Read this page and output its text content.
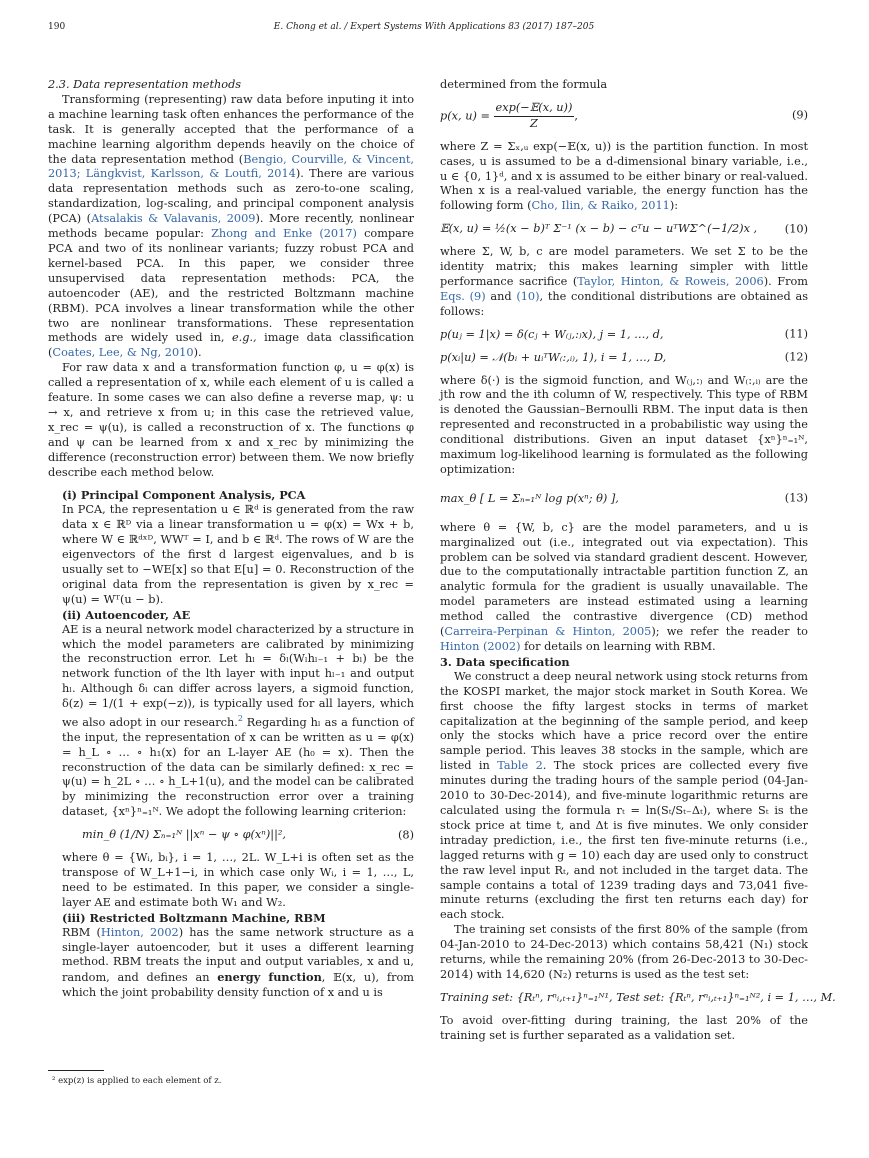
190	E. Chong et al. / Expert Systems With Applications 83 (2017) 187–205

2.3. Data representation methods

Transforming (representing) raw data before inputing it into a machine learning task often enhances the performance of the task. It is generally accepted that the performance of a machine learning algorithm depends heavily on the choice of the data representation method (Bengio, Courville, & Vincent, 2013; Längkvist, Karlsson, & Loutfi, 2014). There are various data representation methods such as zero-to-one scaling, standardization, log-scaling, and principal component analysis (PCA) (Atsalakis & Valavanis, 2009). More recently, nonlinear methods became popular: Zhong and Enke (2017) compare PCA and two of its nonlinear variants; fuzzy robust PCA and kernel-based PCA. In this paper, we consider three unsupervised data representation methods: PCA, the autoencoder (AE), and the restricted Boltzmann machine (RBM). PCA involves a linear transformation while the other two are nonlinear transformations. These representation methods are widely used in, e.g., image data classification (Coates, Lee, & Ng, 2010).

For raw data x and a transformation function φ, u = φ(x) is called a representation of x, while each element of u is called a feature. In some cases we can also define a reverse map, ψ: u → x, and retrieve x from u; in this case the retrieved value, x_rec = ψ(u), is called a reconstruction of x. The functions φ and ψ can be learned from x and x_rec by minimizing the difference (reconstruction error) between them. We now briefly describe each method below.

(i) Principal Component Analysis, PCA

In PCA, the representation u ∈ ℝᵈ is generated from the raw data x ∈ ℝᴰ via a linear transformation u = φ(x) = Wx + b, where W ∈ ℝᵈˣᴰ, WWᵀ = I, and b ∈ ℝᵈ. The rows of W are the eigenvectors of the first d largest eigenvalues, and b is usually set to −WE[x] so that E[u] = 0. Reconstruction of the original data from the representation is given by x_rec = ψ(u) = Wᵀ(u − b).

(ii) Autoencoder, AE

AE is a neural network model characterized by a structure in which the model parameters are calibrated by minimizing the reconstruction error. Let hₗ = δₗ(Wₗhₗ₋₁ + bₗ) be the network function of the lth layer with input hₗ₋₁ and output hₗ. Although δₗ can differ across layers, a sigmoid function, δ(z) = 1/(1 + exp(−z)), is typically used for all layers, which we also adopt in our research.$^2$ Regarding hₗ as a function of the input, the representation of x can be written as u = φ(x) = h_L ∘ … ∘ h₁(x) for an L-layer AE (h₀ = x). Then the reconstruction of the data can be similarly defined: x_rec = ψ(u) = h_2L ∘ … ∘ h_L+1(u), and the model can be calibrated by minimizing the reconstruction error over a training dataset, {xⁿ}ⁿ₌₁ᴺ. We adopt the following learning criterion:

min_θ (1/N) Σₙ₌₁ᴺ ||xⁿ − ψ ∘ φ(xⁿ)||²,	(8)

where θ = {Wᵢ, bᵢ}, i = 1, …, 2L. W_L+i is often set as the transpose of W_L+1−i, in which case only Wᵢ, i = 1, …, L, need to be estimated. In this paper, we consider a single-layer AE and estimate both W₁ and W₂.

(iii) Restricted Boltzmann Machine, RBM

RBM (Hinton, 2002) has the same network structure as a single-layer autoencoder, but it uses a different learning method. RBM treats the input and output variables, x and u, random, and defines an energy function, 𝔼(x, u), from which the joint probability density function of x and u is

determined from the formula

p(x, $u) = \frac{\text{exp(−𝔼(x, u))}}{Z}$ ,	(9)

where Z = Σₓ,ᵤ exp(−𝔼(x, u)) is the partition function. In most cases, u is assumed to be a d-dimensional binary variable, i.e., u ∈ {0, 1}ᵈ, and x is assumed to be either binary or real-valued. When x is a real-valued variable, the energy function has the following form (Cho, Ilin, & Raiko, 2011):

𝔼(x, u) = ½(x − b)ᵀ Σ⁻¹ (x − b) − cᵀu − uᵀWΣ^(−1/2)x , (10)

where Σ, W, b, c are model parameters. We set Σ to be the identity matrix; this makes learning simpler with little performance sacrifice (Taylor, Hinton, & Roweis, 2006). From Eqs. (9) and (10), the conditional distributions are obtained as follows:

p(uⱼ = 1|x) = δ(cⱼ + W₍ⱼ,:₎x), j = 1, …, d,	(11)
p(xᵢ|u) = 𝒩(bᵢ + uᵢᵀW₍:,ᵢ₎, 1), i = 1, …, D,	(12)

where δ(·) is the sigmoid function, and W₍ⱼ,:₎ and W₍:,ᵢ₎ are the jth row and the ith column of W, respectively. This type of RBM is denoted the Gaussian–Bernoulli RBM. The input data is then represented and reconstructed in a probabilistic way using the conditional distributions. Given an input dataset {xⁿ}ⁿ₌₁ᴺ, maximum log-likelihood learning is formulated as the following optimization:

max_θ [ L = Σₙ₌₁ᴺ log p(xⁿ; θ) ],	(13)

where θ = {W, b, c} are the model parameters, and u is marginalized out (i.e., integrated out via expectation). This problem can be solved via standard gradient descent. However, due to the computationally intractable partition function Z, an analytic formula for the gradient is usually unavailable. The model parameters are instead estimated using a learning method called the contrastive divergence (CD) method (Carreira-Perpinan & Hinton, 2005); we refer the reader to Hinton (2002) for details on learning with RBM.

3. Data specification

We construct a deep neural network using stock returns from the KOSPI market, the major stock market in South Korea. We first choose the fifty largest stocks in terms of market capitalization at the beginning of the sample period, and keep only the stocks which have a price record over the entire sample period. This leaves 38 stocks in the sample, which are listed in Table 2. The stock prices are collected every five minutes during the trading hours of the sample period (04-Jan-2010 to 30-Dec-2014), and five-minute logarithmic returns are calculated using the formula rₜ = ln(Sₜ/Sₜ₋Δₜ), where Sₜ is the stock price at time t, and Δt is five minutes. We only consider intraday prediction, i.e., the first ten five-minute returns (i.e., lagged returns with g = 10) each day are used only to construct the raw level input Rₜ, and not included in the target data. The sample contains a total of 1239 trading days and 73,041 five-minute returns (excluding the first ten returns each day) for each stock.

The training set consists of the first 80% of the sample (from 04-Jan-2010 to 24-Dec-2013) which contains 58,421 (N₁) stock returns, while the remaining 20% (from 26-Dec-2013 to 30-Dec-2014) with 14,620 (N₂) returns is used as the test set:

Training set: {Rₜⁿ, rⁿᵢ,ₜ₊₁}ⁿ₌₁ᴺ¹, Test set: {Rₜⁿ, rⁿᵢ,ₜ₊₁}ⁿ₌₁ᴺ², i = 1, …, M.

To avoid over-fitting during training, the last 20% of the training set is further separated as a validation set.

² exp(z) is applied to each element of z.
